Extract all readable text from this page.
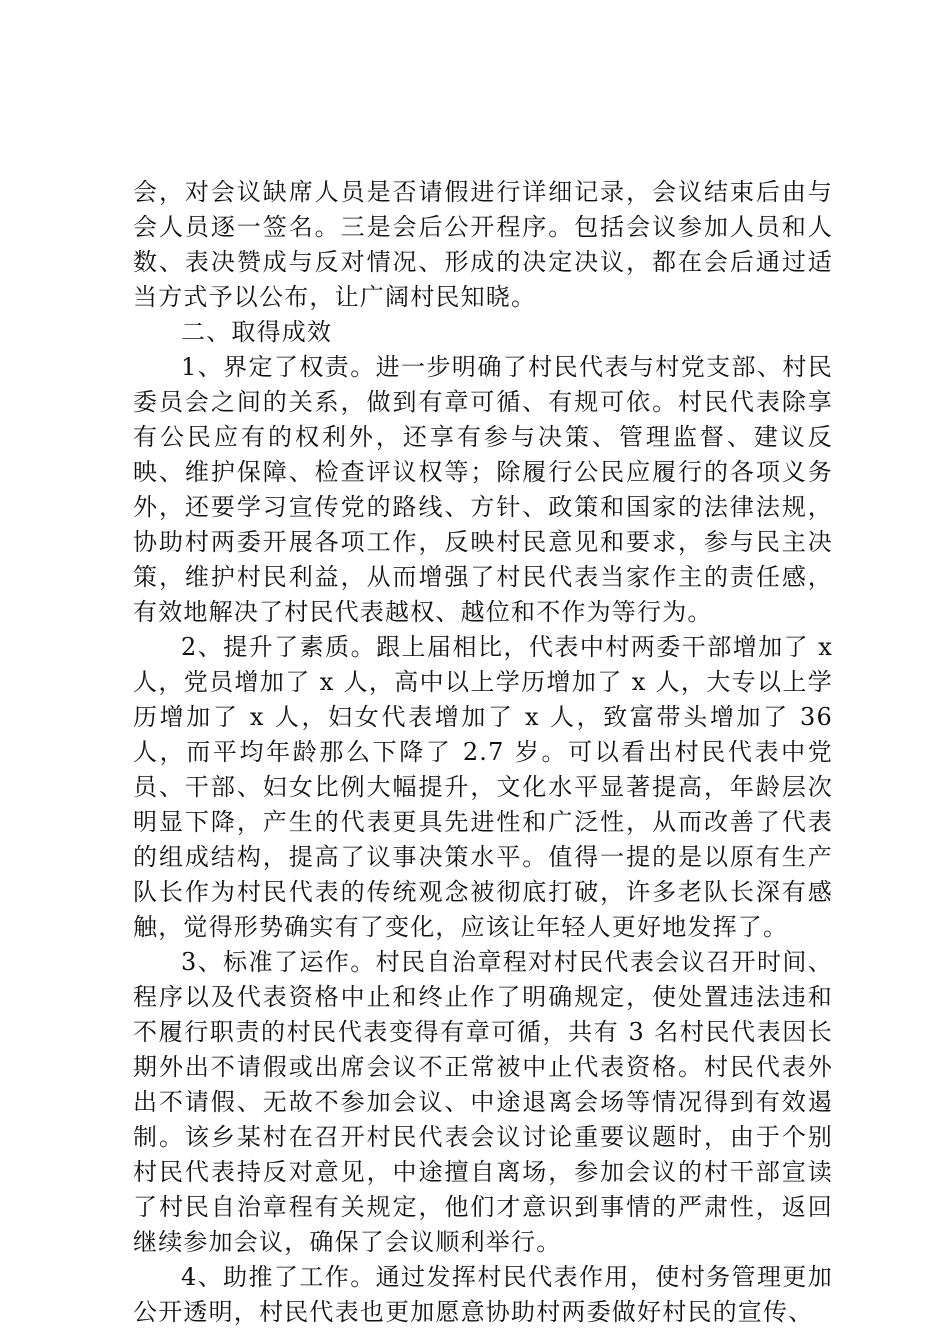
会，对会议缺席人员是否请假进行详细记录，会议结束后由与会人员逐一签名。三是会后公开程序。包括会议参加人员和人数、表决赞成与反对情况、形成的决定决议，都在会后通过适当方式予以公布，让广阔村民知晓。

二、取得成效

1、界定了权责。进一步明确了村民代表与村党支部、村民委员会之间的关系，做到有章可循、有规可依。村民代表除享有公民应有的权利外，还享有参与决策、管理监督、建议反映、维护保障、检查评议权等；除履行公民应履行的各项义务外，还要学习宣传党的路线、方针、政策和国家的法律法规，协助村两委开展各项工作，反映村民意见和要求，参与民主决策，维护村民利益，从而增强了村民代表当家作主的责任感，有效地解决了村民代表越权、越位和不作为等行为。

2、提升了素质。跟上届相比，代表中村两委干部增加了 x 人，党员增加了 x 人，高中以上学历增加了 x 人，大专以上学历增加了 x 人，妇女代表增加了 x 人，致富带头增加了 36 人，而平均年龄那么下降了 2.7 岁。可以看出村民代表中党员、干部、妇女比例大幅提升，文化水平显著提高，年龄层次明显下降，产生的代表更具先进性和广泛性，从而改善了代表的组成结构，提高了议事决策水平。值得一提的是以原有生产队长作为村民代表的传统观念被彻底打破，许多老队长深有感触，觉得形势确实有了变化，应该让年轻人更好地发挥了。

3、标准了运作。村民自治章程对村民代表会议召开时间、程序以及代表资格中止和终止作了明确规定，使处置违法违和不履行职责的村民代表变得有章可循，共有 3 名村民代表因长期外出不请假或出席会议不正常被中止代表资格。村民代表外出不请假、无故不参加会议、中途退离会场等情况得到有效遏制。该乡某村在召开村民代表会议讨论重要议题时，由于个别村民代表持反对意见，中途擅自离场，参加会议的村干部宣读了村民自治章程有关规定，他们才意识到事情的严肃性，返回继续参加会议，确保了会议顺利举行。

4、助推了工作。通过发挥村民代表作用，使村务管理更加公开透明，村民代表也更加愿意协助村两委做好村民的宣传、
